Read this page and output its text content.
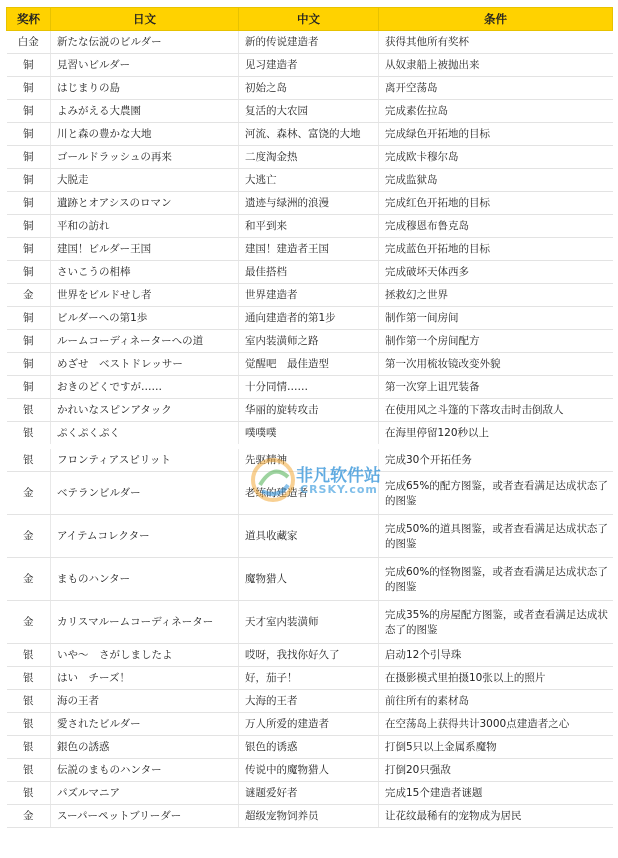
奖杯	日文	中文	条件
白金	新たな伝説のビルダー	新的传说建造者	获得其他所有奖杯
铜	見習いビルダー	见习建造者	从奴隶船上被抛出来
铜	はじまりの島	初始之岛	离开空荡岛
铜	よみがえる大農園	复活的大农园	完成素佐拉岛
铜	川と森の豊かな大地	河流、森林、富饶的大地	完成绿色开拓地的目标
铜	ゴールドラッシュの再来	二度淘金热	完成欧卡穆尔岛
铜	大脱走	大逃亡	完成监狱岛
铜	遺跡とオアシスのロマン	遗迹与绿洲的浪漫	完成红色开拓地的目标
铜	平和の訪れ	和平到来	完成穆恩布鲁克岛
铜	建国！ビルダー王国	建国！建造者王国	完成蓝色开拓地的目标
铜	さいこうの相棒	最佳搭档	完成破坏天体西多
金	世界をビルドせし者	世界建造者	拯救幻之世界
铜	ビルダーへの第1歩	通向建造者的第1步	制作第一间房间
铜	ルームコーディネーターへの道	室内装潢师之路	制作第一个房间配方
铜	めざせ　ベストドレッサー	觉醒吧　最佳造型	第一次用梳妆镜改变外貌
铜	おきのどくですが……	十分同情……	第一次穿上诅咒装备
银	かれいなスピンアタック	华丽的旋转攻击	在使用风之斗篷的下落攻击时击倒敌人
银	ぷくぷくぷく	噗噗噗	在海里停留120秒以上
银	フロンティアスピリット	先驱精神	完成30个开拓任务
金	ベテランビルダー	老练的建造者	完成65%的配方图鉴，或者查看满足达成状态了的图鉴
金	アイテムコレクター	道具收藏家	完成50%的道具图鉴，或者查看满足达成状态了的图鉴
金	まものハンター	魔物猎人	完成60%的怪物图鉴，或者查看满足达成状态了的图鉴
金	カリスマルームコーディネーター	天才室内装潢师	完成35%的房屋配方图鉴，或者查看满足达成状态了的图鉴
银	いや〜　さがしましたよ	哎呀，我找你好久了	启动12个引导珠
银	はい　チーズ！	好，茄子！	在摄影模式里拍摄10张以上的照片
银	海の王者	大海的王者	前往所有的素材岛
银	愛されたビルダー	万人所爱的建造者	在空荡岛上获得共计3000点建造者之心
银	銀色の誘惑	银色的诱惑	打倒5只以上金属系魔物
银	伝説のまものハンター	传说中的魔物猎人	打倒20只强敌
银	パズルマニア	谜题爱好者	完成15个建造者谜题
金	スーパーペットブリーダー	超级宠物饲养员	让花纹最稀有的宠物成为居民
非凡软件站
CRSKY.com
